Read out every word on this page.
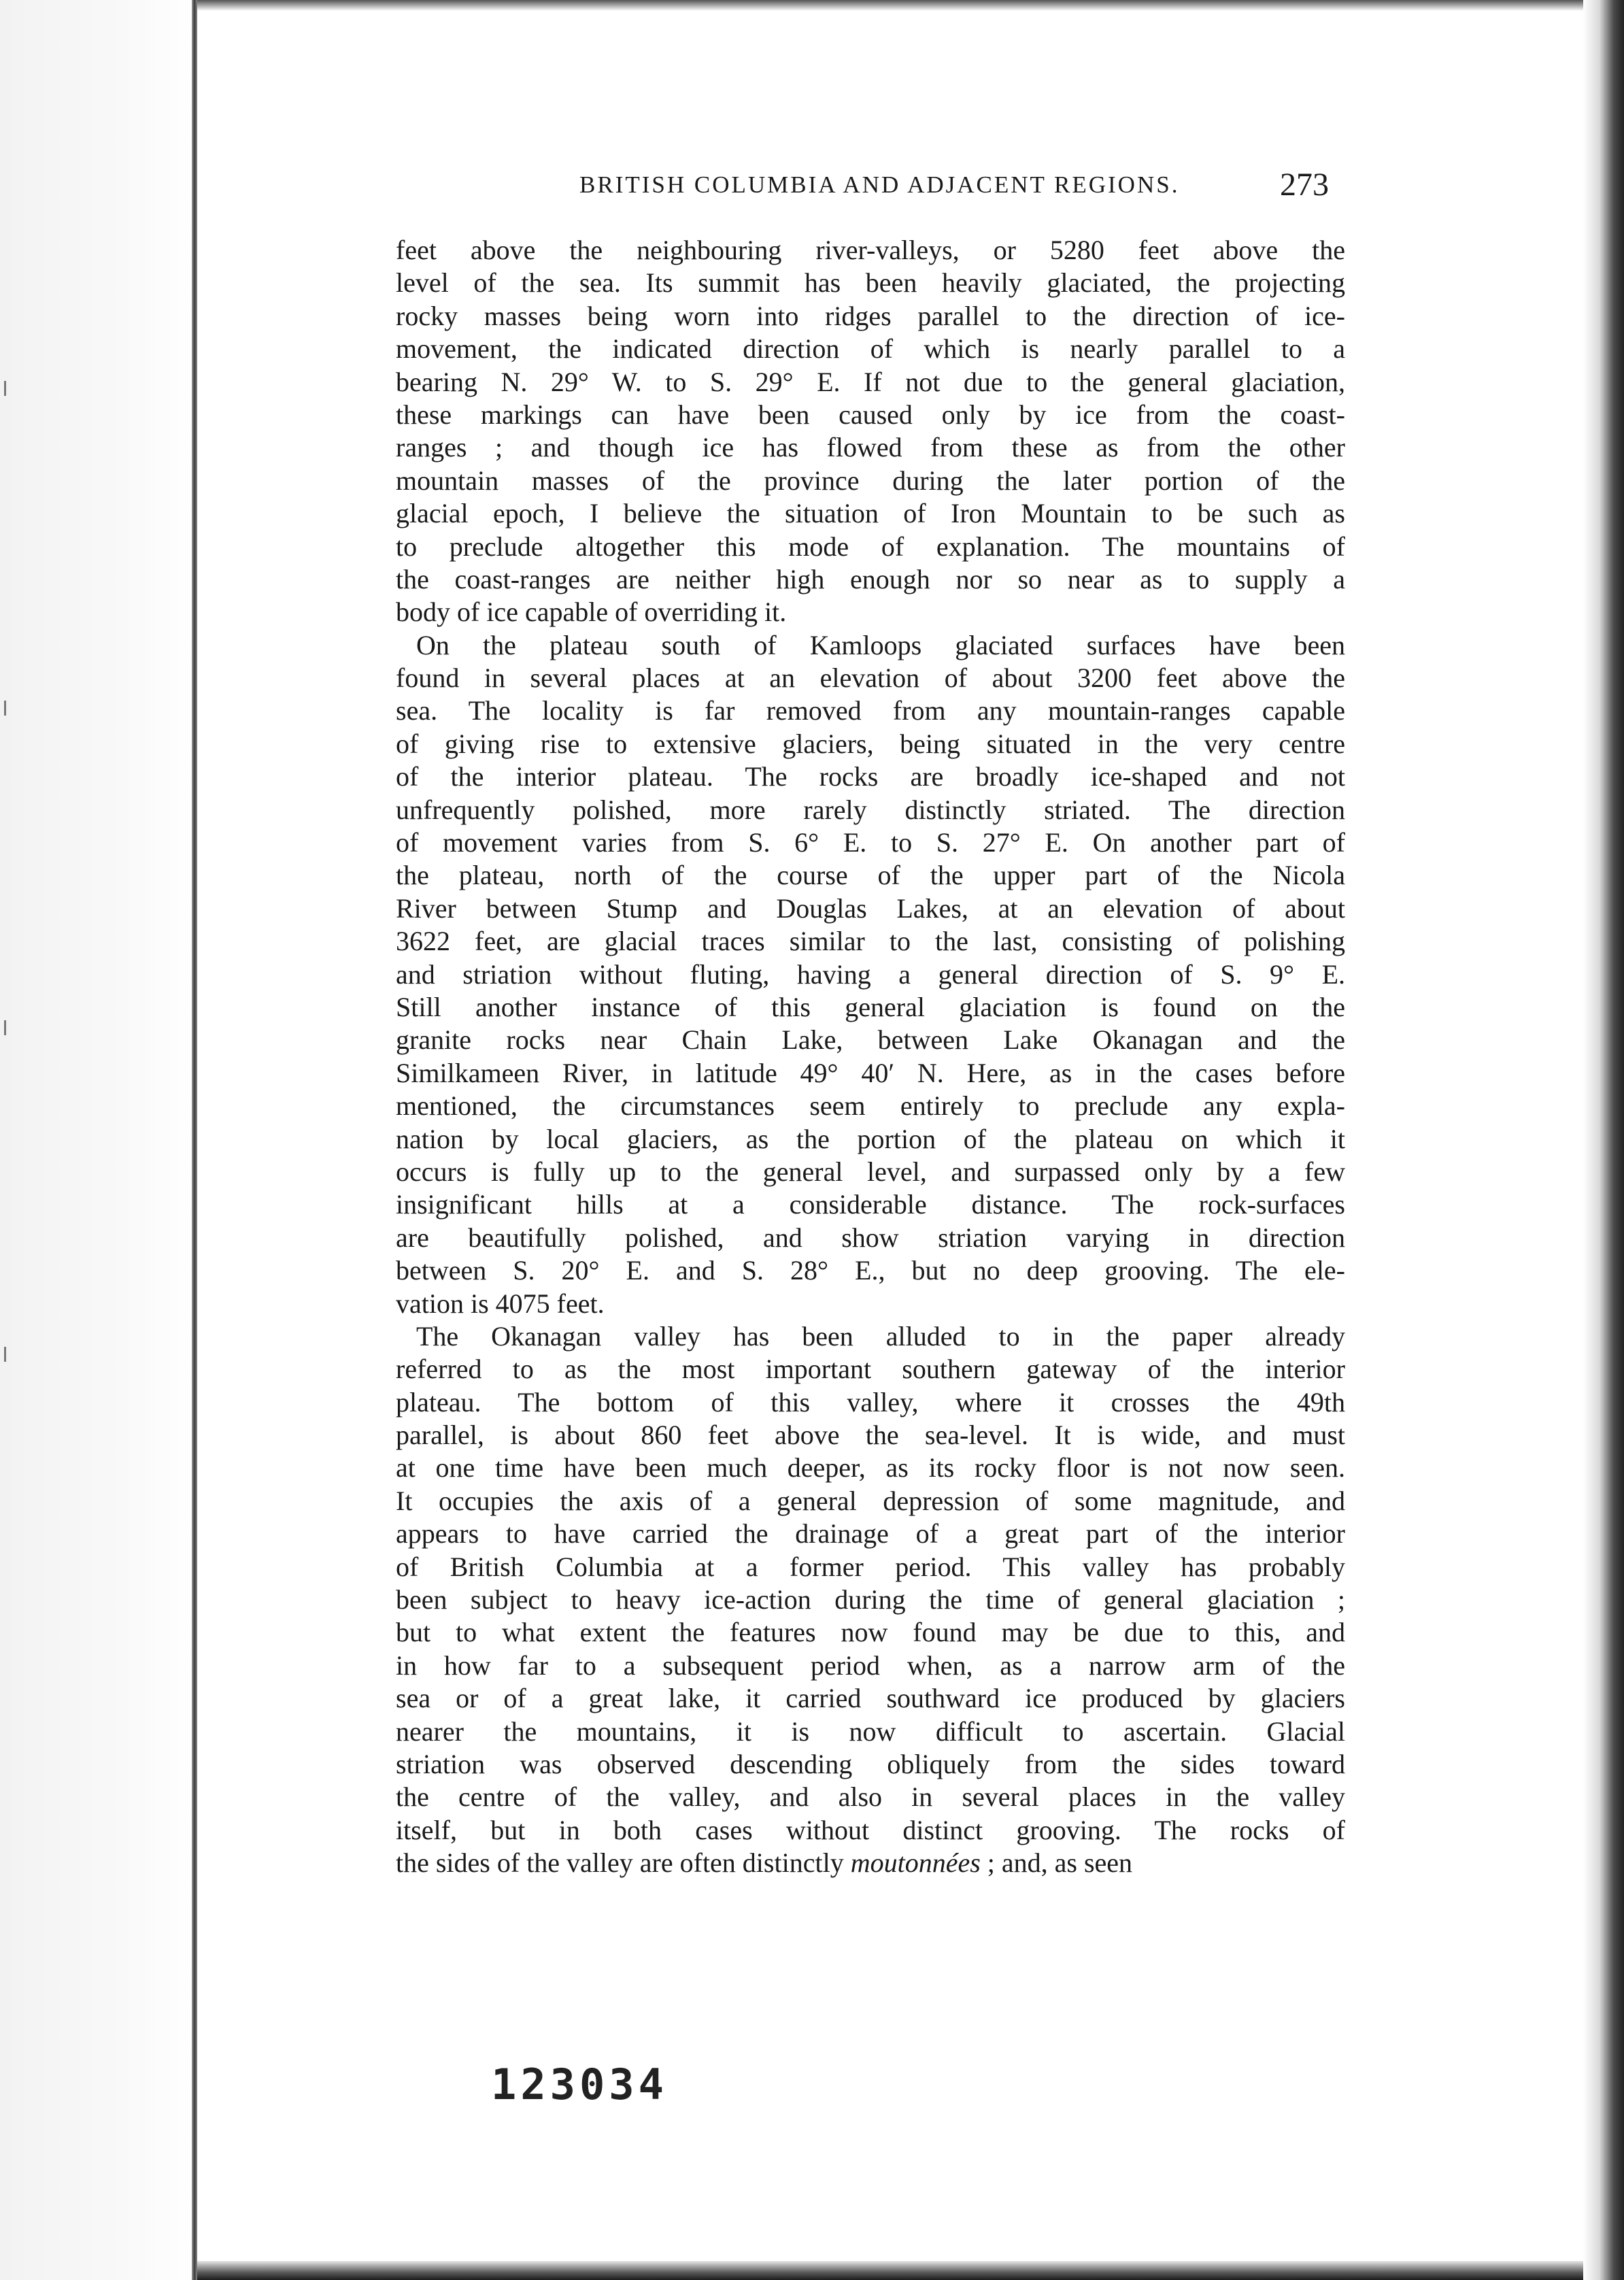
BRITISH COLUMBIA AND ADJACENT REGIONS.	273
feet above the neighbouring river-valleys, or 5280 feet above the
level of the sea. Its summit has been heavily glaciated, the projecting
rocky masses being worn into ridges parallel to the direction of ice-
movement, the indicated direction of which is nearly parallel to a
bearing N. 29° W. to S. 29° E. If not due to the general glaciation,
these markings can have been caused only by ice from the coast-
ranges ; and though ice has flowed from these as from the other
mountain masses of the province during the later portion of the
glacial epoch, I believe the situation of Iron Mountain to be such as
to preclude altogether this mode of explanation. The mountains of
the coast-ranges are neither high enough nor so near as to supply a
body of ice capable of overriding it.
On the plateau south of Kamloops glaciated surfaces have been
found in several places at an elevation of about 3200 feet above the
sea. The locality is far removed from any mountain-ranges capable
of giving rise to extensive glaciers, being situated in the very centre
of the interior plateau. The rocks are broadly ice-shaped and not
unfrequently polished, more rarely distinctly striated. The direction
of movement varies from S. 6° E. to S. 27° E. On another part of
the plateau, north of the course of the upper part of the Nicola
River between Stump and Douglas Lakes, at an elevation of about
3622 feet, are glacial traces similar to the last, consisting of polishing
and striation without fluting, having a general direction of S. 9° E.
Still another instance of this general glaciation is found on the
granite rocks near Chain Lake, between Lake Okanagan and the
Similkameen River, in latitude 49° 40′ N. Here, as in the cases before
mentioned, the circumstances seem entirely to preclude any expla-
nation by local glaciers, as the portion of the plateau on which it
occurs is fully up to the general level, and surpassed only by a few
insignificant hills at a considerable distance. The rock-surfaces
are beautifully polished, and show striation varying in direction
between S. 20° E. and S. 28° E., but no deep grooving. The ele-
vation is 4075 feet.
The Okanagan valley has been alluded to in the paper already
referred to as the most important southern gateway of the interior
plateau. The bottom of this valley, where it crosses the 49th
parallel, is about 860 feet above the sea-level. It is wide, and must
at one time have been much deeper, as its rocky floor is not now seen.
It occupies the axis of a general depression of some magnitude, and
appears to have carried the drainage of a great part of the interior
of British Columbia at a former period. This valley has probably
been subject to heavy ice-action during the time of general glaciation ;
but to what extent the features now found may be due to this, and
in how far to a subsequent period when, as a narrow arm of the
sea or of a great lake, it carried southward ice produced by glaciers
nearer the mountains, it is now difficult to ascertain. Glacial
striation was observed descending obliquely from the sides toward
the centre of the valley, and also in several places in the valley
itself, but in both cases without distinct grooving. The rocks of
the sides of the valley are often distinctly moutonnées ; and, as seen
123034
